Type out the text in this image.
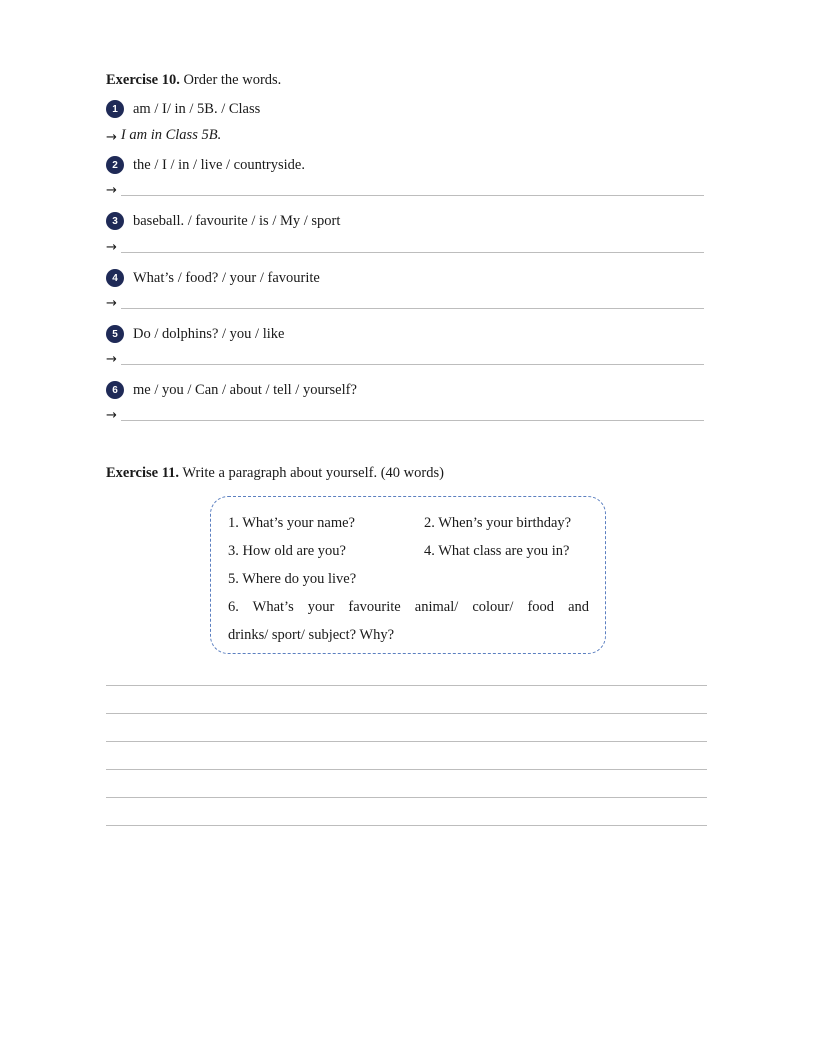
Exercise 10. Order the words.
1	am / I/ in / 5B. / Class
→ I am in Class 5B.
2	the / I / in / live / countryside.
→
3	baseball. / favourite / is / My / sport
→
4	What’s / food? / your / favourite
→
5	Do / dolphins? / you / like
→
6	me / you / Can / about / tell / yourself?
→
Exercise 11. Write a paragraph about yourself. (40 words)
1. What’s your name?	2. When’s your birthday?
3. How old are you?	4. What class are you in?
5. Where do you live?
6. What’s your favourite animal/ colour/ food and
drinks/ sport/ subject? Why?
